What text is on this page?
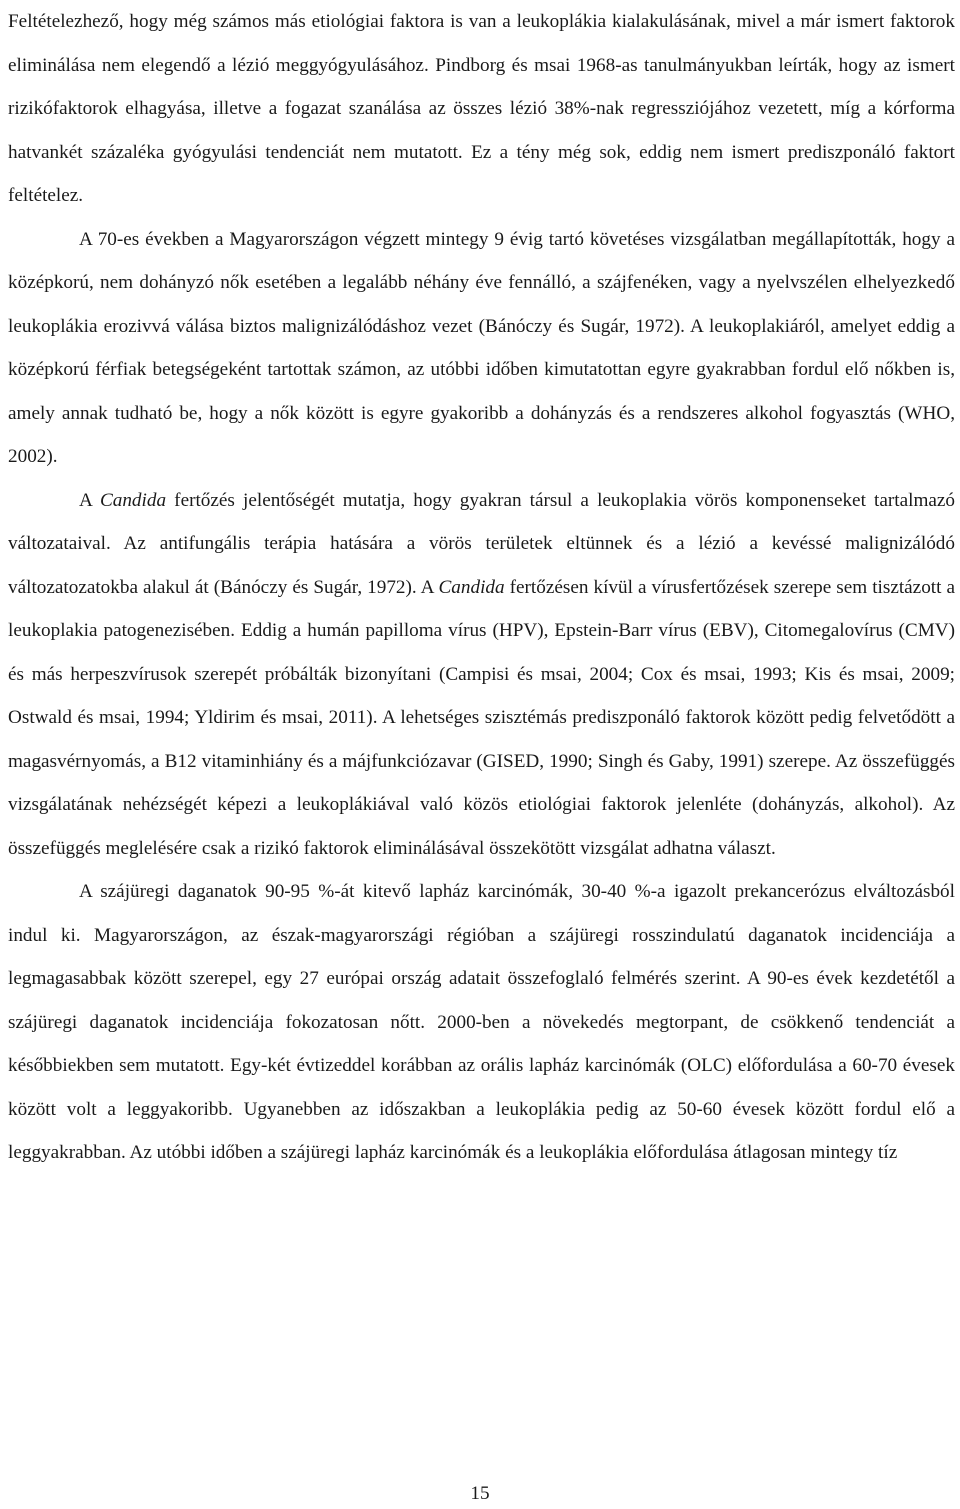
Feltételezhező, hogy még számos más etiológiai faktora is van a leukoplákia kialakulásának, mivel a már ismert faktorok eliminálása nem elegendő a lézió meggyógyulásához. Pindborg és msai 1968-as tanulmányukban leírták, hogy az ismert rizikófaktorok elhagyása, illetve a fogazat szanálása az összes lézió 38%-nak regressziójához vezetett, míg a kórforma hatvankét százaléka gyógyulási tendenciát nem mutatott. Ez a tény még sok, eddig nem ismert prediszponáló faktort feltételez.

A 70-es években a Magyarországon végzett mintegy 9 évig tartó követéses vizsgálatban megállapították, hogy a középkorú, nem dohányzó nők esetében a legalább néhány éve fennálló, a szájfenéken, vagy a nyelvszélen elhelyezkedő leukoplákia erozivvá válása biztos malignizálódáshoz vezet (Bánóczy és Sugár, 1972). A leukoplakiáról, amelyet eddig a középkorú férfiak betegségeként tartottak számon, az utóbbi időben kimutatottan egyre gyakrabban fordul elő nőkben is, amely annak tudható be, hogy a nők között is egyre gyakoribb a dohányzás és a rendszeres alkohol fogyasztás (WHO, 2002).

A Candida fertőzés jelentőségét mutatja, hogy gyakran társul a leukoplakia vörös komponenseket tartalmazó változataival. Az antifungális terápia hatására a vörös területek eltünnek és a lézió a kevéssé malignizálódó változatozatokba alakul át (Bánóczy és Sugár, 1972). A Candida fertőzésen kívül a vírusfertőzések szerepe sem tisztázott a leukoplakia patogenezisében. Eddig a humán papilloma vírus (HPV), Epstein-Barr vírus (EBV), Citomegalovírus (CMV) és más herpeszvírusok szerepét próbálták bizonyítani (Campisi és msai, 2004; Cox és msai, 1993; Kis és msai, 2009; Ostwald és msai, 1994; Yldirim és msai, 2011). A lehetséges szisztémás prediszponáló faktorok között pedig felvetődött a magasvérnyomás, a B12 vitaminhiány és a májfunkciózavar (GISED, 1990; Singh és Gaby, 1991) szerepe. Az összefüggés vizsgálatának nehézségét képezi a leukoplákiával való közös etiológiai faktorok jelenléte (dohányzás, alkohol). Az összefüggés meglelésére csak a rizikó faktorok eliminálásával összekötött vizsgálat adhatna választ.

A szájüregi daganatok 90-95 %-át kitevő lapház karcinómák, 30-40 %-a igazolt prekancerózus elváltozásból indul ki. Magyarországon, az észak-magyarországi régióban a szájüregi rosszindulatú daganatok incidenciája a legmagasabbak között szerepel, egy 27 európai ország adatait összefoglaló felmérés szerint. A 90-es évek kezdetétől a szájüregi daganatok incidenciája fokozatosan nőtt. 2000-ben a növekedés megtorpant, de csökkenő tendenciát a későbbiekben sem mutatott. Egy-két évtizeddel korábban az orális lapház karcinómák (OLC) előfordulása a 60-70 évesek között volt a leggyakoribb. Ugyanebben az időszakban a leukoplákia pedig az 50-60 évesek között fordul elő a leggyakrabban. Az utóbbi időben a szájüregi lapház karcinómák és a leukoplákia előfordulása átlagosan mintegy tíz

15
